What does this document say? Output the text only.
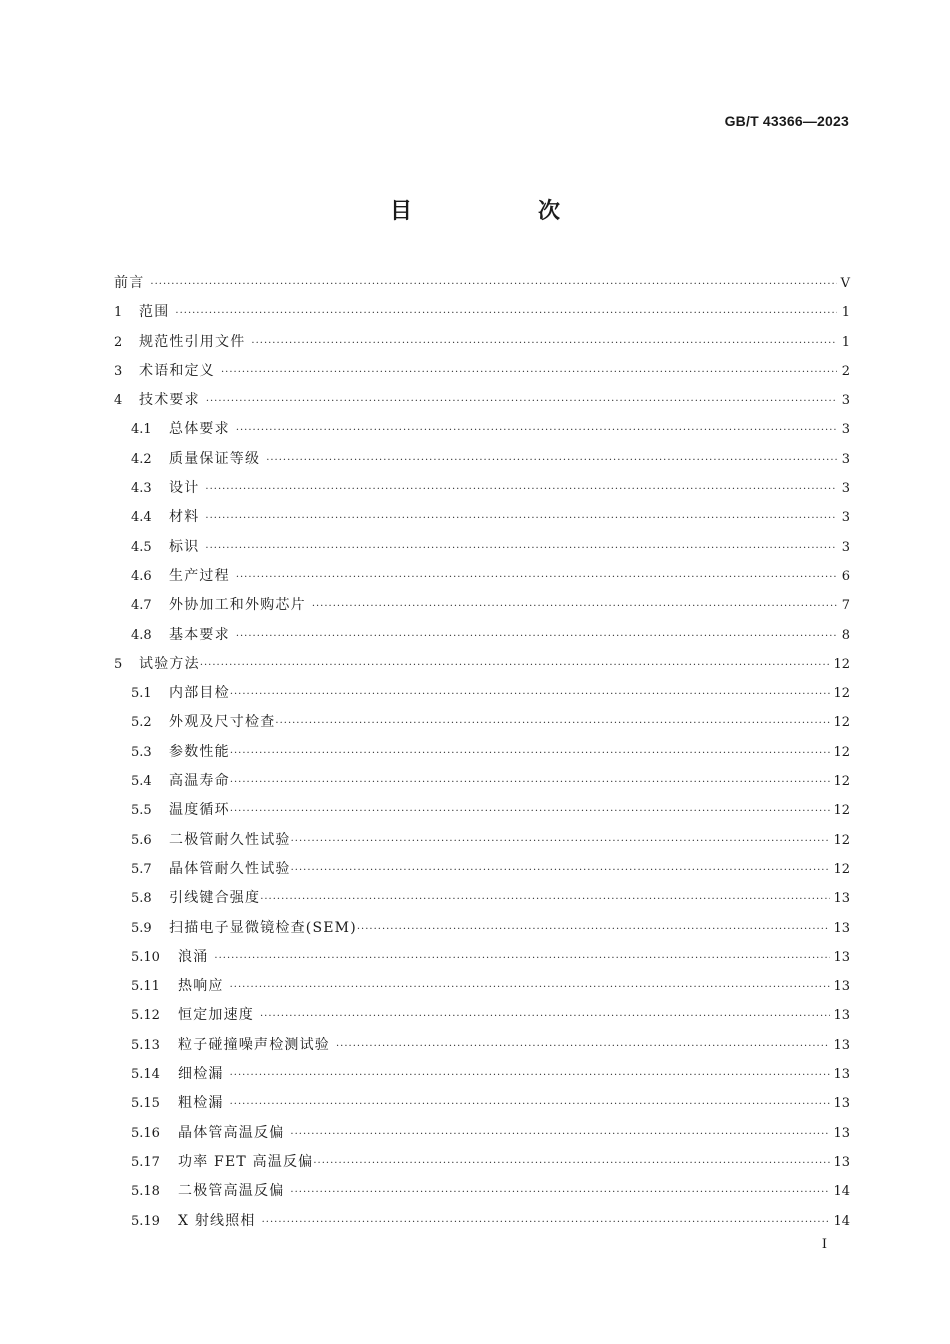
GB/T 43366—2023
目　次
前言 ·····	V
1	范围 ·····	1
2	规范性引用文件 ·····	1
3	术语和定义 ·····	2
4	技术要求 ·····	3
4.1	总体要求 ·····	3
4.2	质量保证等级 ·····	3
4.3	设计 ·····	3
4.4	材料 ·····	3
4.5	标识 ·····	3
4.6	生产过程 ·····	6
4.7	外协加工和外购芯片 ·····	7
4.8	基本要求 ·····	8
5	试验方法 ·····	12
5.1	内部目检 ·····	12
5.2	外观及尺寸检查 ·····	12
5.3	参数性能 ·····	12
5.4	高温寿命 ·····	12
5.5	温度循环 ·····	12
5.6	二极管耐久性试验 ·····	12
5.7	晶体管耐久性试验 ·····	12
5.8	引线键合强度 ·····	13
5.9	扫描电子显微镜检查(SEM) ·····	13
5.10	浪涌 ·····	13
5.11	热响应 ·····	13
5.12	恒定加速度 ·····	13
5.13	粒子碰撞噪声检测试验 ·····	13
5.14	细检漏 ·····	13
5.15	粗检漏 ·····	13
5.16	晶体管高温反偏 ·····	13
5.17	功率 FET 高温反偏 ·····	13
5.18	二极管高温反偏 ·····	14
5.19	X 射线照相 ·····	14
I
